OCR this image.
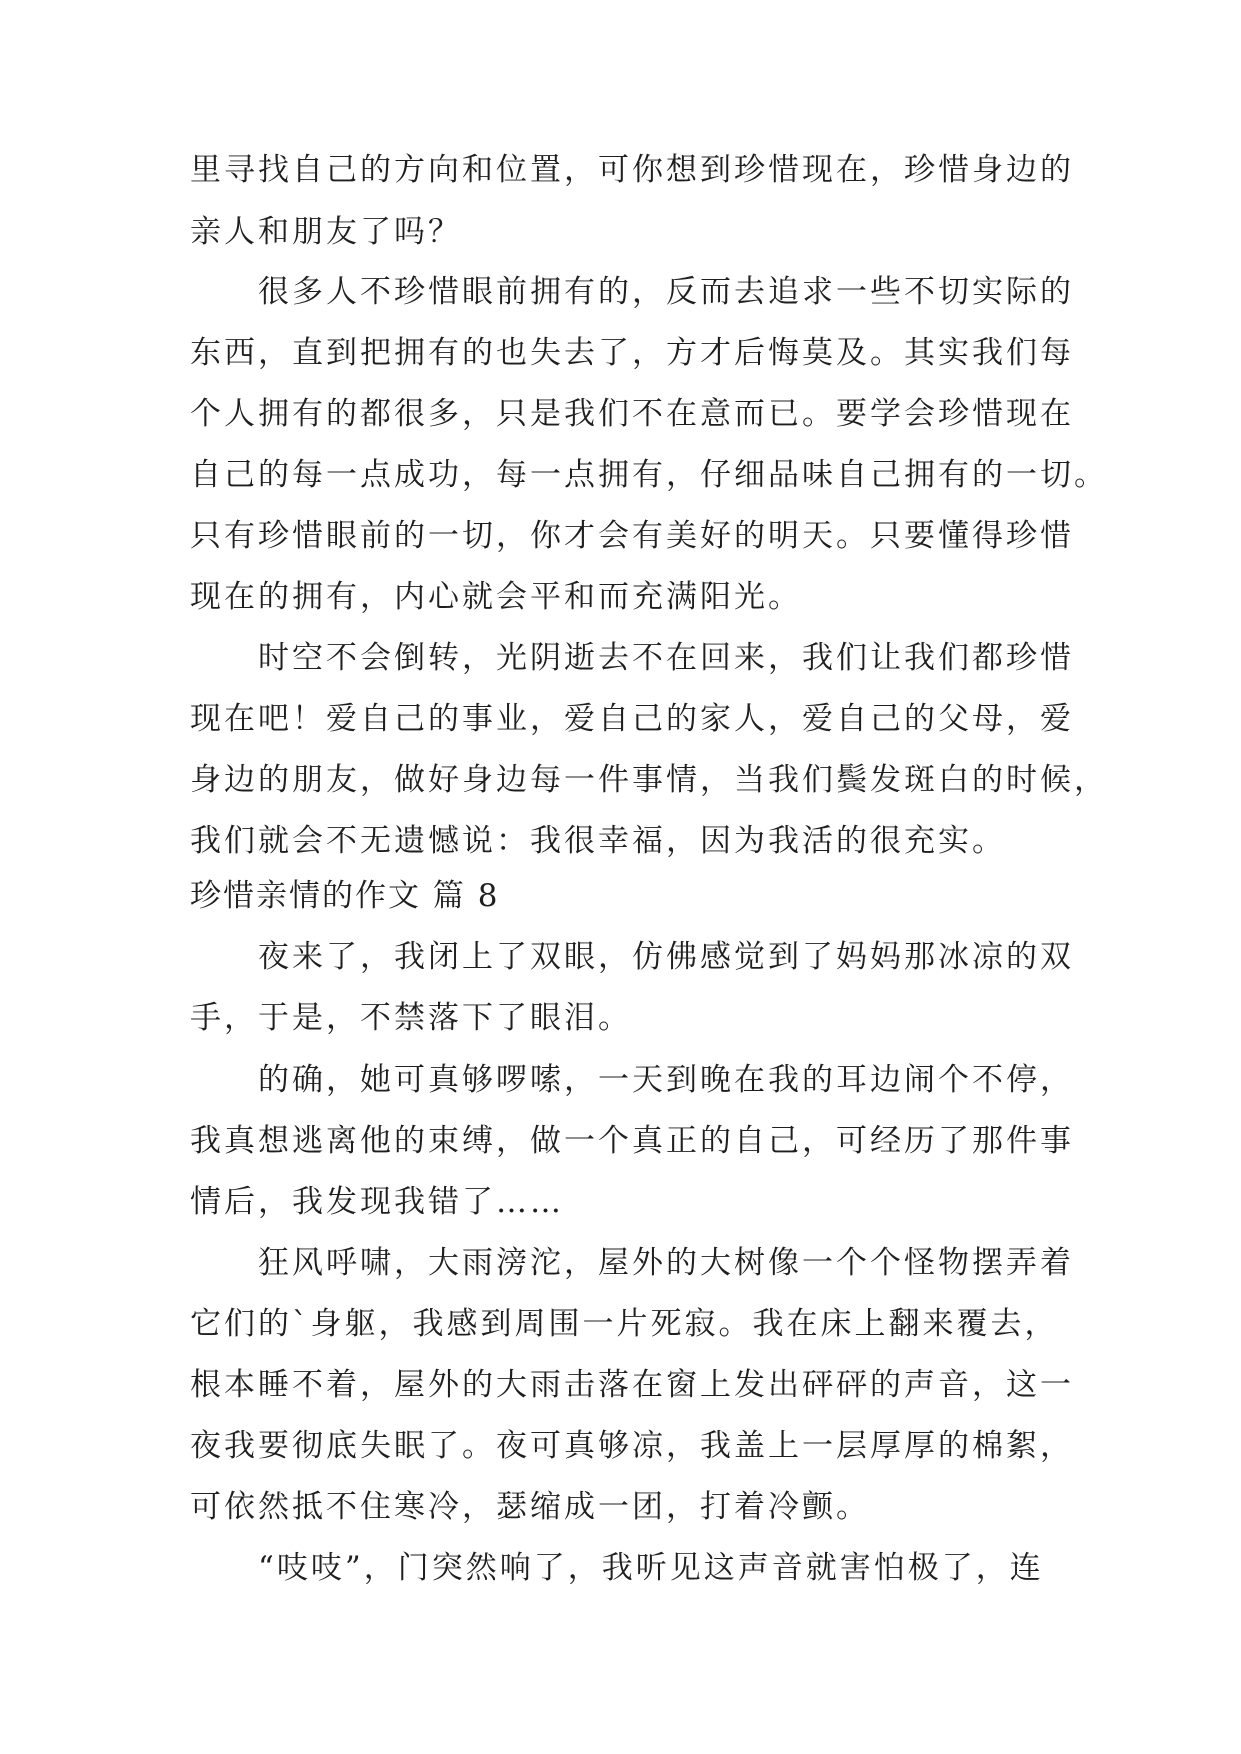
里寻找自己的方向和位置，可你想到珍惜现在，珍惜身边的
亲人和朋友了吗？
　　很多人不珍惜眼前拥有的，反而去追求一些不切实际的
东西，直到把拥有的也失去了，方才后悔莫及。其实我们每
个人拥有的都很多，只是我们不在意而已。要学会珍惜现在
自己的每一点成功，每一点拥有，仔细品味自己拥有的一切。
只有珍惜眼前的一切，你才会有美好的明天。只要懂得珍惜
现在的拥有，内心就会平和而充满阳光。
　　时空不会倒转，光阴逝去不在回来，我们让我们都珍惜
现在吧！爱自己的事业，爱自己的家人，爱自己的父母，爱
身边的朋友，做好身边每一件事情，当我们鬓发斑白的时候，
我们就会不无遗憾说：我很幸福，因为我活的很充实。
珍惜亲情的作文 篇 8
　　夜来了，我闭上了双眼，仿佛感觉到了妈妈那冰凉的双
手，于是，不禁落下了眼泪。
　　的确，她可真够啰嗦，一天到晚在我的耳边闹个不停，
我真想逃离他的束缚，做一个真正的自己，可经历了那件事
情后，我发现我错了……
　　狂风呼啸，大雨滂沱，屋外的大树像一个个怪物摆弄着
它们的`身躯，我感到周围一片死寂。我在床上翻来覆去，
根本睡不着，屋外的大雨击落在窗上发出砰砰的声音，这一
夜我要彻底失眠了。夜可真够凉，我盖上一层厚厚的棉絮，
可依然抵不住寒冷，瑟缩成一团，打着冷颤。
　　“吱吱”，门突然响了，我听见这声音就害怕极了，连
